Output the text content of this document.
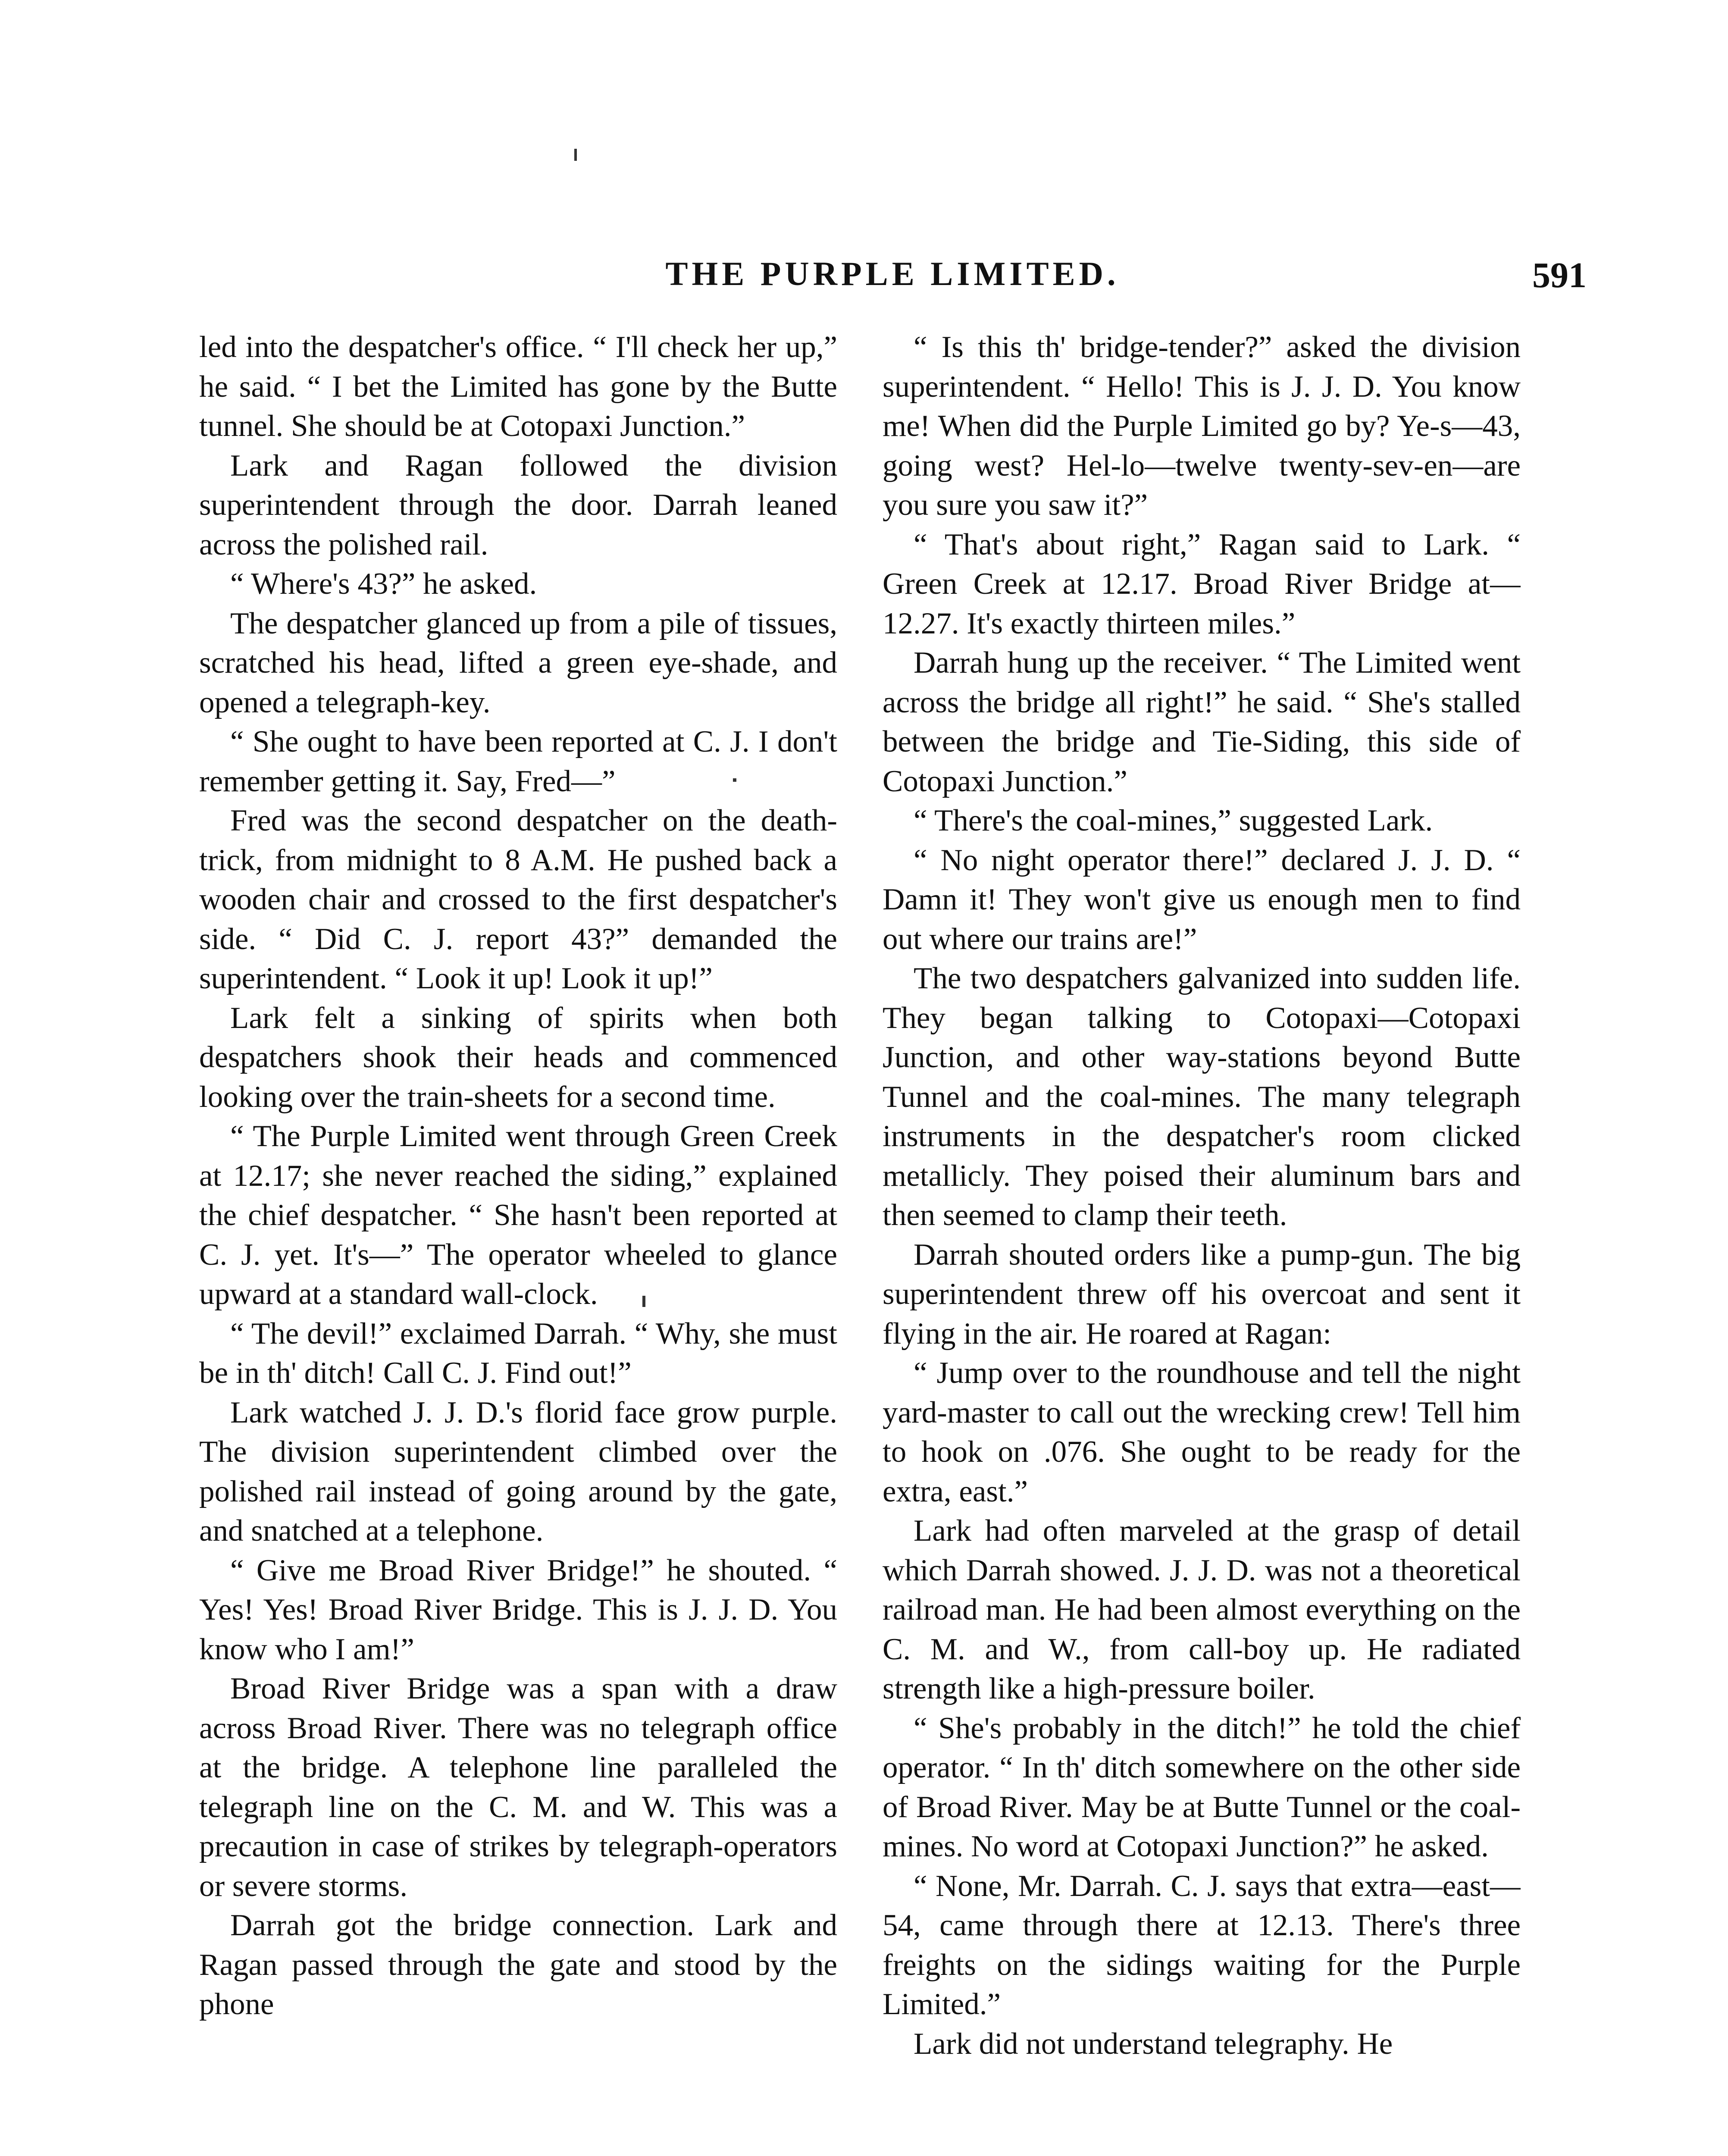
THE PURPLE LIMITED.	591

led into the despatcher's office. “ I'll check her up,” he said. “ I bet the Limited has gone by the Butte tunnel. She should be at Cotopaxi Junction.”

Lark and Ragan followed the division superintendent through the door. Darrah leaned across the polished rail.

“ Where's 43?” he asked.

The despatcher glanced up from a pile of tissues, scratched his head, lifted a green eye-shade, and opened a telegraph-key.

“ She ought to have been reported at C. J. I don't remember getting it. Say, Fred—”

Fred was the second despatcher on the death-trick, from midnight to 8 A.M. He pushed back a wooden chair and crossed to the first despatcher's side. “ Did C. J. report 43?” demanded the superintendent. “ Look it up! Look it up!”

Lark felt a sinking of spirits when both despatchers shook their heads and commenced looking over the train-sheets for a second time.

“ The Purple Limited went through Green Creek at 12.17; she never reached the siding,” explained the chief despatcher. “ She hasn't been reported at C. J. yet. It's—” The operator wheeled to glance upward at a standard wall-clock.

“ The devil!” exclaimed Darrah. “ Why, she must be in th' ditch! Call C. J. Find out!”

Lark watched J. J. D.'s florid face grow purple. The division superintendent climbed over the polished rail instead of going around by the gate, and snatched at a telephone.

“ Give me Broad River Bridge!” he shouted. “ Yes! Yes! Broad River Bridge. This is J. J. D. You know who I am!”

Broad River Bridge was a span with a draw across Broad River. There was no telegraph office at the bridge. A telephone line paralleled the telegraph line on the C. M. and W. This was a precaution in case of strikes by telegraph-operators or severe storms.

Darrah got the bridge connection. Lark and Ragan passed through the gate and stood by the phone

“ Is this th' bridge-tender?” asked the division superintendent. “ Hello! This is J. J. D. You know me! When did the Purple Limited go by? Ye-s—43, going west? Hel-lo—twelve twenty-sev-en—are you sure you saw it?”

“ That's about right,” Ragan said to Lark. “ Green Creek at 12.17. Broad River Bridge at—12.27. It's exactly thirteen miles.”

Darrah hung up the receiver. “ The Limited went across the bridge all right!” he said. “ She's stalled between the bridge and Tie-Siding, this side of Cotopaxi Junction.”

“ There's the coal-mines,” suggested Lark.

“ No night operator there!” declared J. J. D. “ Damn it! They won't give us enough men to find out where our trains are!”

The two despatchers galvanized into sudden life. They began talking to Cotopaxi—Cotopaxi Junction, and other way-stations beyond Butte Tunnel and the coal-mines. The many telegraph instruments in the despatcher's room clicked metallicly. They poised their aluminum bars and then seemed to clamp their teeth.

Darrah shouted orders like a pump-gun. The big superintendent threw off his overcoat and sent it flying in the air. He roared at Ragan:

“ Jump over to the roundhouse and tell the night yard-master to call out the wrecking crew! Tell him to hook on .076. She ought to be ready for the extra, east.”

Lark had often marveled at the grasp of detail which Darrah showed. J. J. D. was not a theoretical railroad man. He had been almost everything on the C. M. and W., from call-boy up. He radiated strength like a high-pressure boiler.

“ She's probably in the ditch!” he told the chief operator. “ In th' ditch somewhere on the other side of Broad River. May be at Butte Tunnel or the coal-mines. No word at Cotopaxi Junction?” he asked.

“ None, Mr. Darrah. C. J. says that extra—east—54, came through there at 12.13. There's three freights on the sidings waiting for the Purple Limited.”

Lark did not understand telegraphy. He
